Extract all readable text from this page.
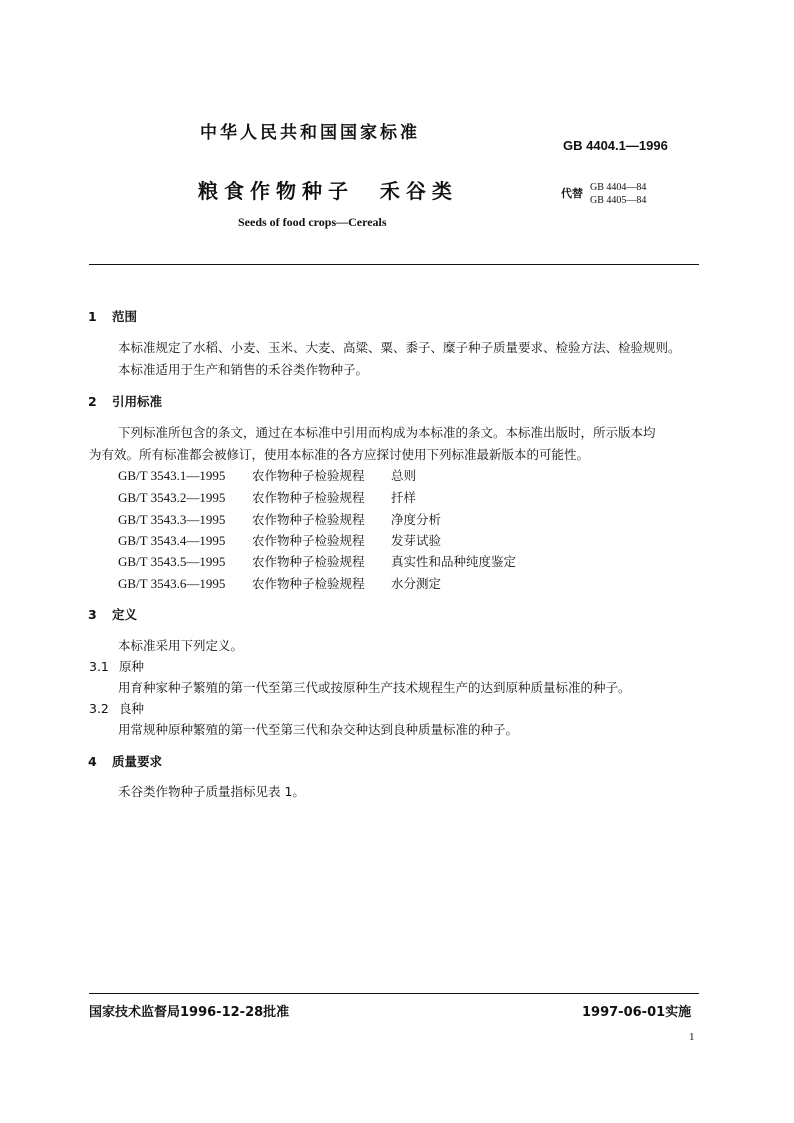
中华人民共和国国家标准
GB 4404.1—1996
粮食作物种子  禾谷类	代替 GB 4404—84
GB 4405—84
Seeds of food crops—Cereals
1 范围
本标准规定了水稻、小麦、玉米、大麦、高粱、粟、黍子、糜子种子质量要求、检验方法、检验规则。
本标准适用于生产和销售的禾谷类作物种子。
2 引用标准
下列标准所包含的条文，通过在本标准中引用而构成为本标准的条文。本标准出版时，所示版本均
为有效。所有标准都会被修订，使用本标准的各方应探讨使用下列标准最新版本的可能性。
GB/T 3543.1—1995 农作物种子检验规程 总则
GB/T 3543.2—1995 农作物种子检验规程 扦样
GB/T 3543.3—1995 农作物种子检验规程 净度分析
GB/T 3543.4—1995 农作物种子检验规程 发芽试验
GB/T 3543.5—1995 农作物种子检验规程 真实性和品种纯度鉴定
GB/T 3543.6—1995 农作物种子检验规程 水分测定
3 定义
本标准采用下列定义。
3.1 原种
用育种家种子繁殖的第一代至第三代或按原种生产技术规程生产的达到原种质量标准的种子。
3.2 良种
用常规种原种繁殖的第一代至第三代和杂交种达到良种质量标准的种子。
4 质量要求
禾谷类作物种子质量指标见表 1。
国家技术监督局1996-12-28批准	1997-06-01实施
1
